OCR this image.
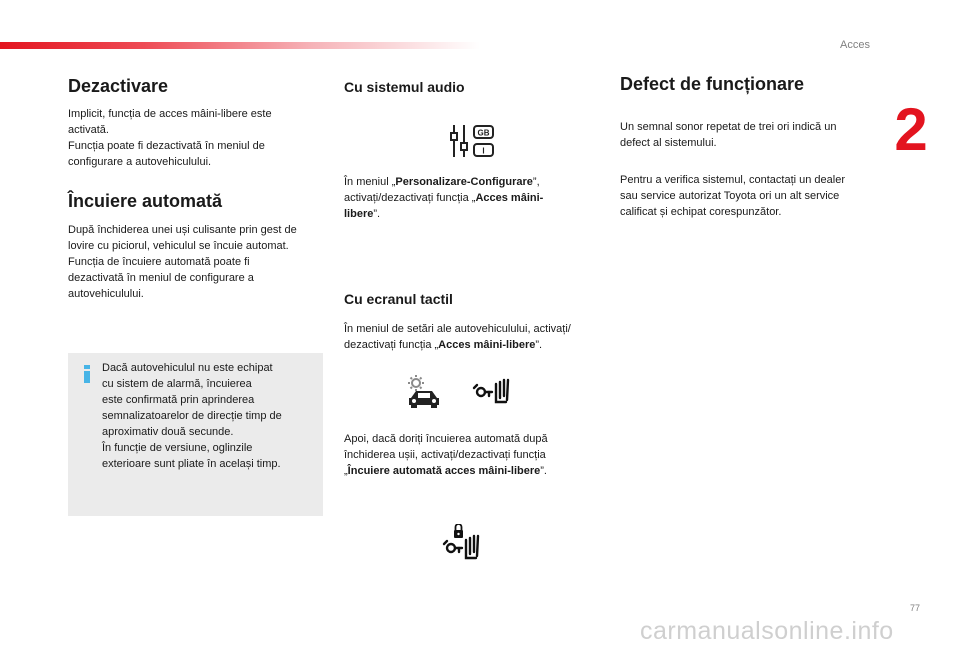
Acces
2
77
carmanualsonline.info
Dezactivare

Implicit, funcția de acces mâini-libere este

activată.

Funcția poate fi dezactivată în meniul de

configurare a autovehiculului.

Încuiere automată

După închiderea unei uși culisante prin gest de

lovire cu piciorul, vehiculul se încuie automat.

Funcția de încuiere automată poate fi

dezactivată în meniul de configurare a

autovehiculului.

Dacă autovehiculul nu este echipat

cu sistem de alarmă, încuierea

este confirmată prin aprinderea

semnalizatoarelor de direcție timp de

aproximativ două secunde.

În funcție de versiune, oglinzile

exterioare sunt pliate în același timp.

Cu sistemul audio
GB
I

În meniul „Personalizare-Configurare”,

activați/dezactivați funcția „Acces mâini-

libere”.

Cu ecranul tactil

În meniul de setări ale autovehiculului, activați/

dezactivați funcția „Acces mâini-libere”.

Apoi, dacă doriți încuierea automată după

închiderea ușii, activați/dezactivați funcția

„Încuiere automată acces mâini-libere”.

Defect de funcționare

Un semnal sonor repetat de trei ori indică un

defect al sistemului.

Pentru a verifica sistemul, contactați un dealer

sau service autorizat Toyota ori un alt service

calificat și echipat corespunzător.
